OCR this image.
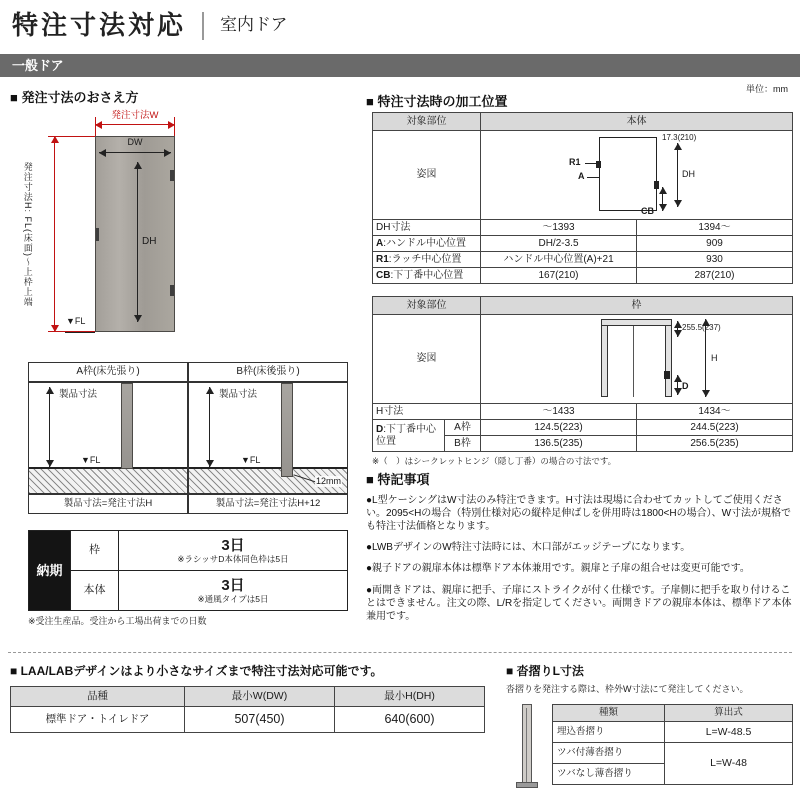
特注寸法対応 室内ドア
一般ドア
■ 発注寸法のおさえ方
発注寸法W
DW
DH
発注寸法H: FL(床面)～上枠上端
▼FL
A枠(床先張り)	B枠(床後張り)
製品寸法
▼FL
製品寸法
▼FL
12mm
製品寸法=発注寸法H	製品寸法=発注寸法H+12
納期	枠	3日
※ラシッサD本体同色枠は5日

	本体	3日
※通風タイプは5日
※受注生産品。受注から工場出荷までの日数
単位：mm
■ 特注寸法時の加工位置
対象部位	本体	
姿図	17.3(210)
DH
R1
A
CB	

DH寸法	～1393	1394～
A:ハンドル中心位置	DH/2-3.5	909
R1:ラッチ中心位置	ハンドル中心位置(A)+21	930
CB:下丁番中心位置	167(210)	287(210)
対象部位		枠	
姿図		255.5(237)
H
D	

H寸法		～1433	1434～
D:下丁番中心位置	A枠	124.5(223)	244.5(223)
	B枠	136.5(235)	256.5(235)
※（　）はシークレットヒンジ（隠し丁番）の場合の寸法です。
■ 特記事項
●L型ケーシングはW寸法のみ特注できます。H寸法は現場に合わせてカットしてご使用ください。2095<Hの場合（特別仕様対応の縦枠足伸ばしを併用時は1800<Hの場合）、W寸法が規格でも特注寸法価格となります。
●LWBデザインのW特注寸法時には、木口部がエッジテープになります。
●親子ドアの親扉本体は標準ドア本体兼用です。親扉と子扉の組合せは変更可能です。
●両開きドアは、親扉に把手、子扉にストライクが付く仕様です。子扉側に把手を取り付けることはできません。注文の際、L/Rを指定してください。両開きドアの親扉本体は、標準ドア本体兼用です。
■ LAA/LABデザインはより小さなサイズまで特注寸法対応可能です。
品種	最小W(DW)	最小H(DH)
標準ドア・トイレドア	507(450)	640(600)
■ 沓摺りL寸法
沓摺りを発注する際は、枠外W寸法にて発注してください。
種類	算出式
埋込沓摺り	L=W-48.5
ツバ付薄沓摺り	L=W-48
ツバなし薄沓摺り	
